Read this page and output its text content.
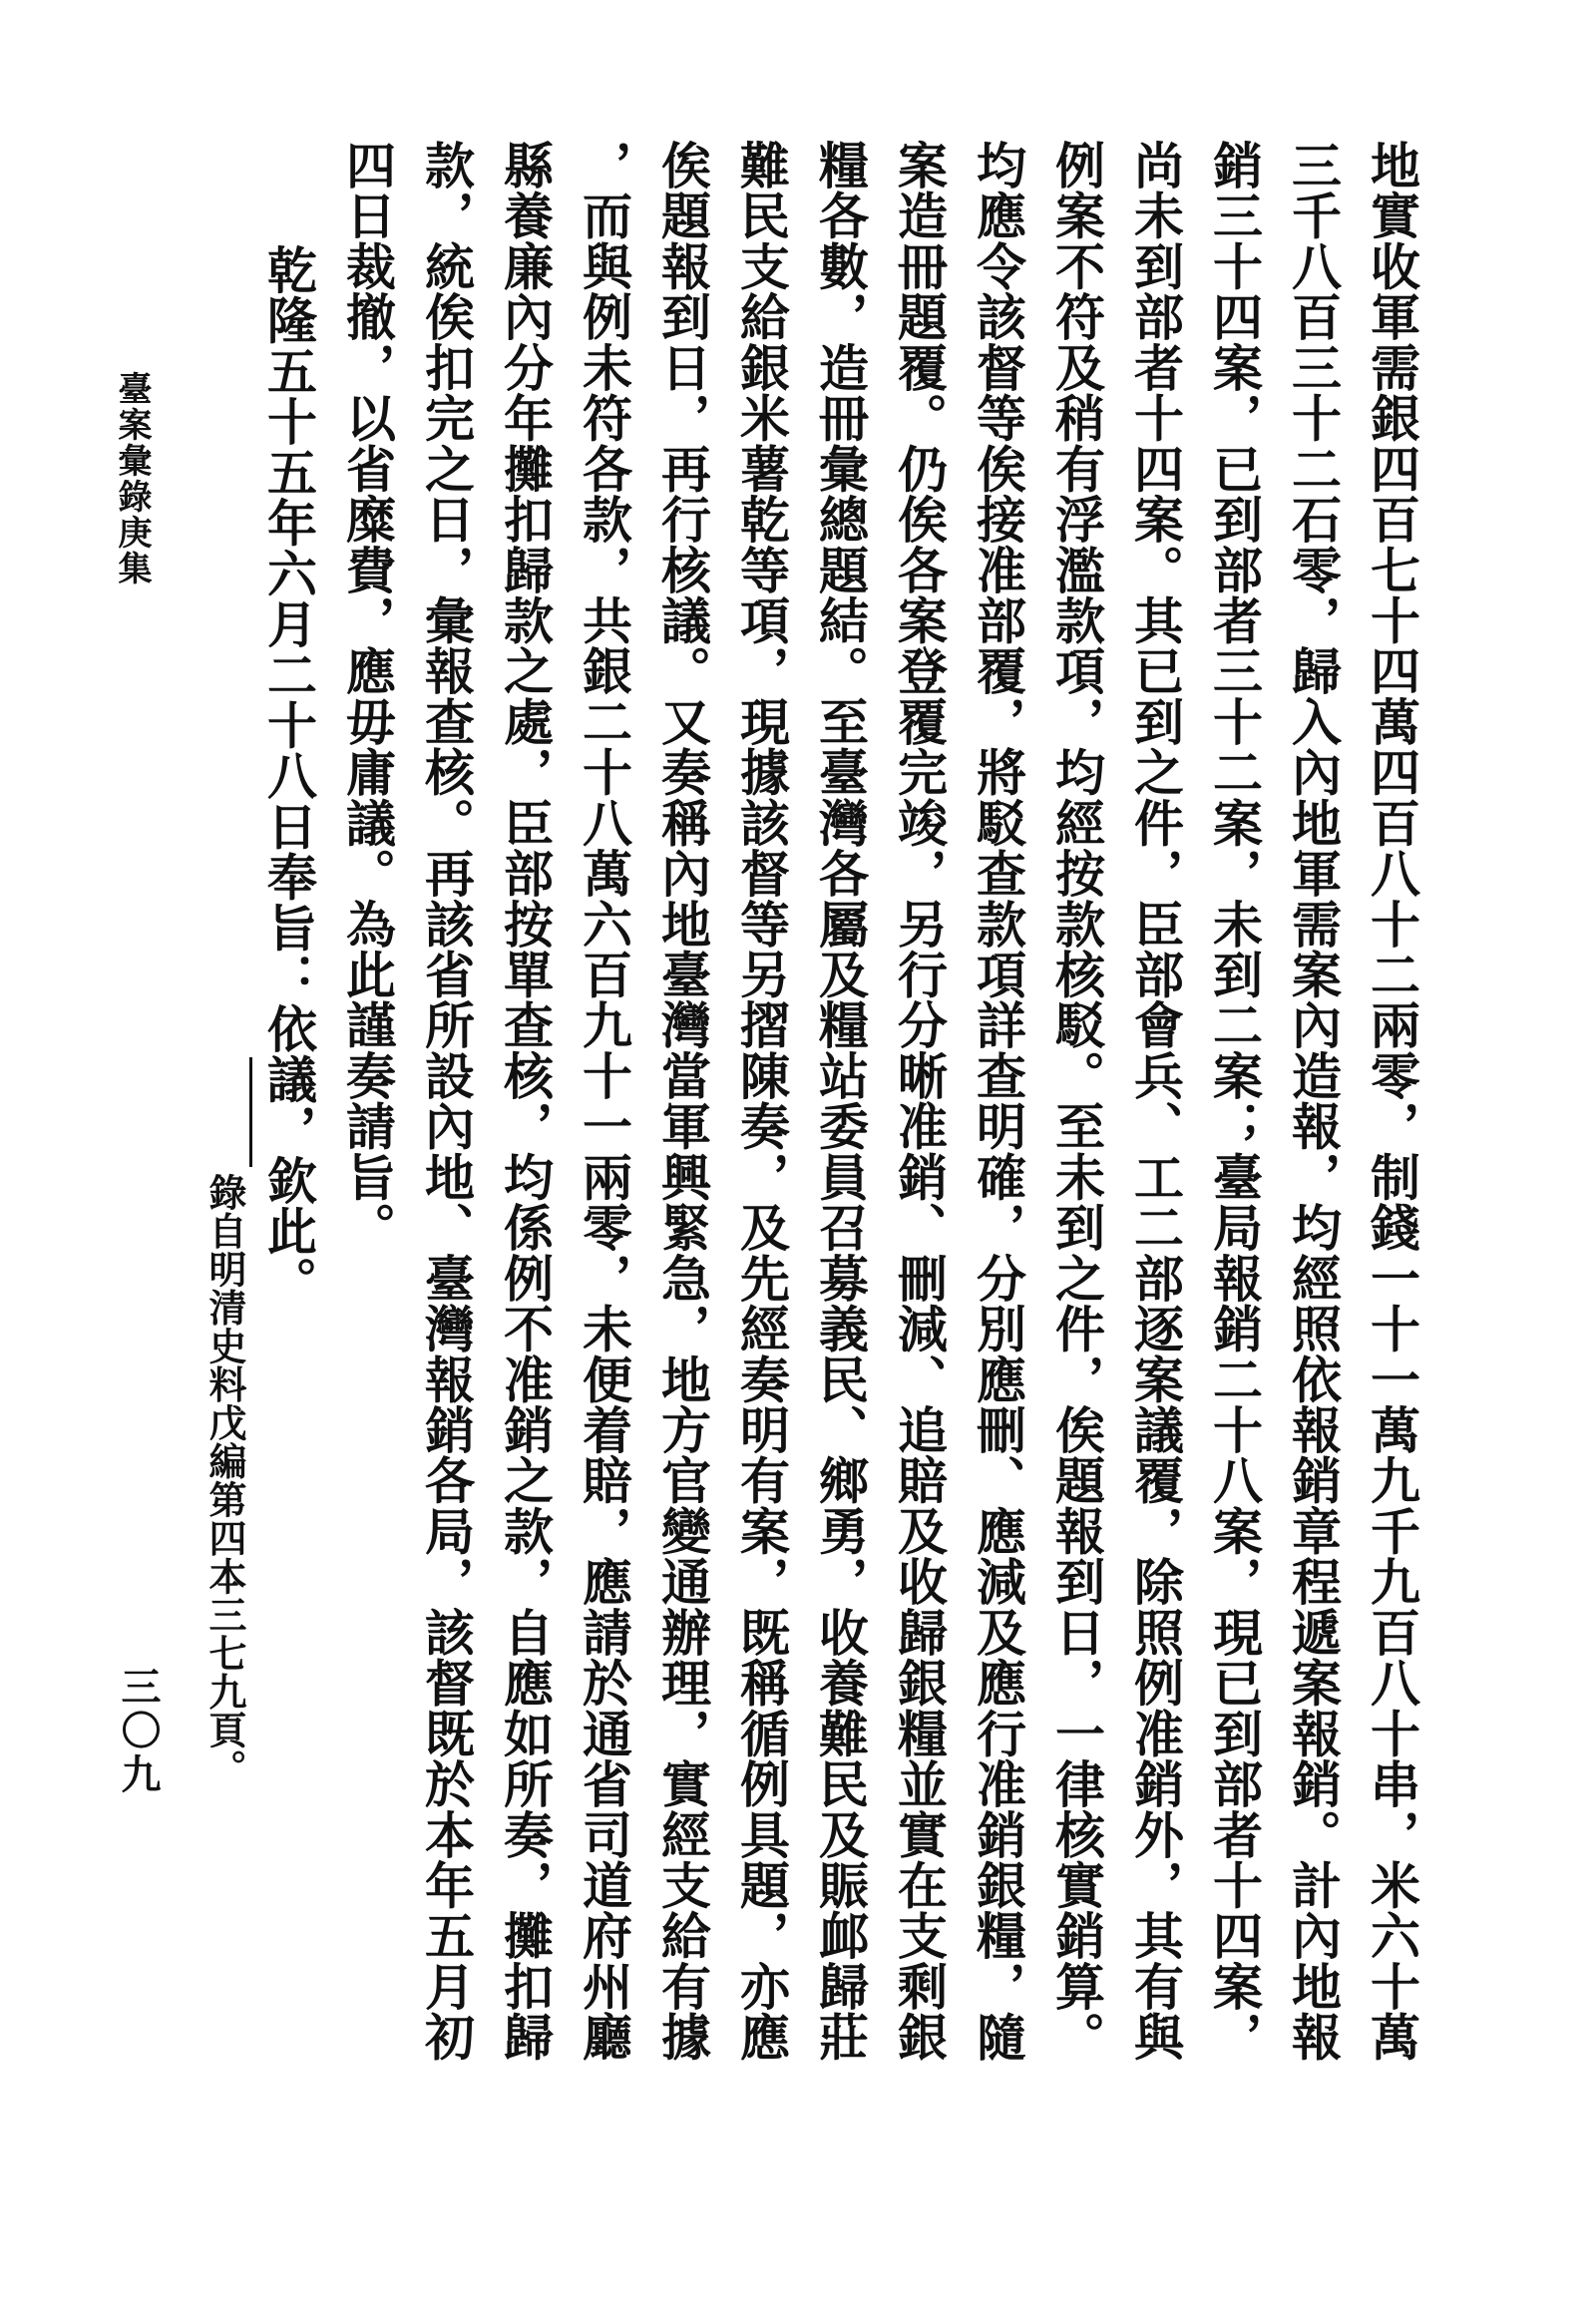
地實收軍需銀四百七十四萬四百八十二兩零，制錢一十一萬九千九百八十串，米六十萬
三千八百三十二石零，歸入內地軍需案內造報，均經照依報銷章程遞案報銷。計內地報
銷三十四案，已到部者三十二案，未到二案；臺局報銷二十八案，現已到部者十四案，
尚未到部者十四案。其已到之件，臣部會兵、工二部逐案議覆，除照例准銷外，其有與
例案不符及稍有浮濫款項，均經按款核駁。至未到之件，俟題報到日，一律核實銷算。
均應令該督等俟接准部覆，將駁查款項詳查明確，分別應刪、應減及應行准銷銀糧，隨
案造冊題覆。仍俟各案登覆完竣，另行分晰准銷、刪減、追賠及收歸銀糧並實在支剩銀
糧各數，造冊彙總題結。至臺灣各屬及糧站委員召募義民、鄉勇，收養難民及賑䘏歸莊
難民支給銀米薯乾等項，現據該督等另摺陳奏，及先經奏明有案，既稱循例具題，亦應
俟題報到日，再行核議。又奏稱內地臺灣當軍興緊急，地方官變通辦理，實經支給有據
，而與例未符各款，共銀二十八萬六百九十一兩零，未便着賠，應請於通省司道府州廳
縣養廉內分年攤扣歸款之處，臣部按單查核，均係例不准銷之款，自應如所奏，攤扣歸
款，統俟扣完之日，彙報查核。再該省所設內地、臺灣報銷各局，該督既於本年五月初
四日裁撤，以省糜費，應毋庸議。為此謹奏請旨。
乾隆五十五年六月二十八日奉旨：依議，欽此。
錄自明清史料戊編第四本三七九頁。
臺案彙錄庚集
三〇九
